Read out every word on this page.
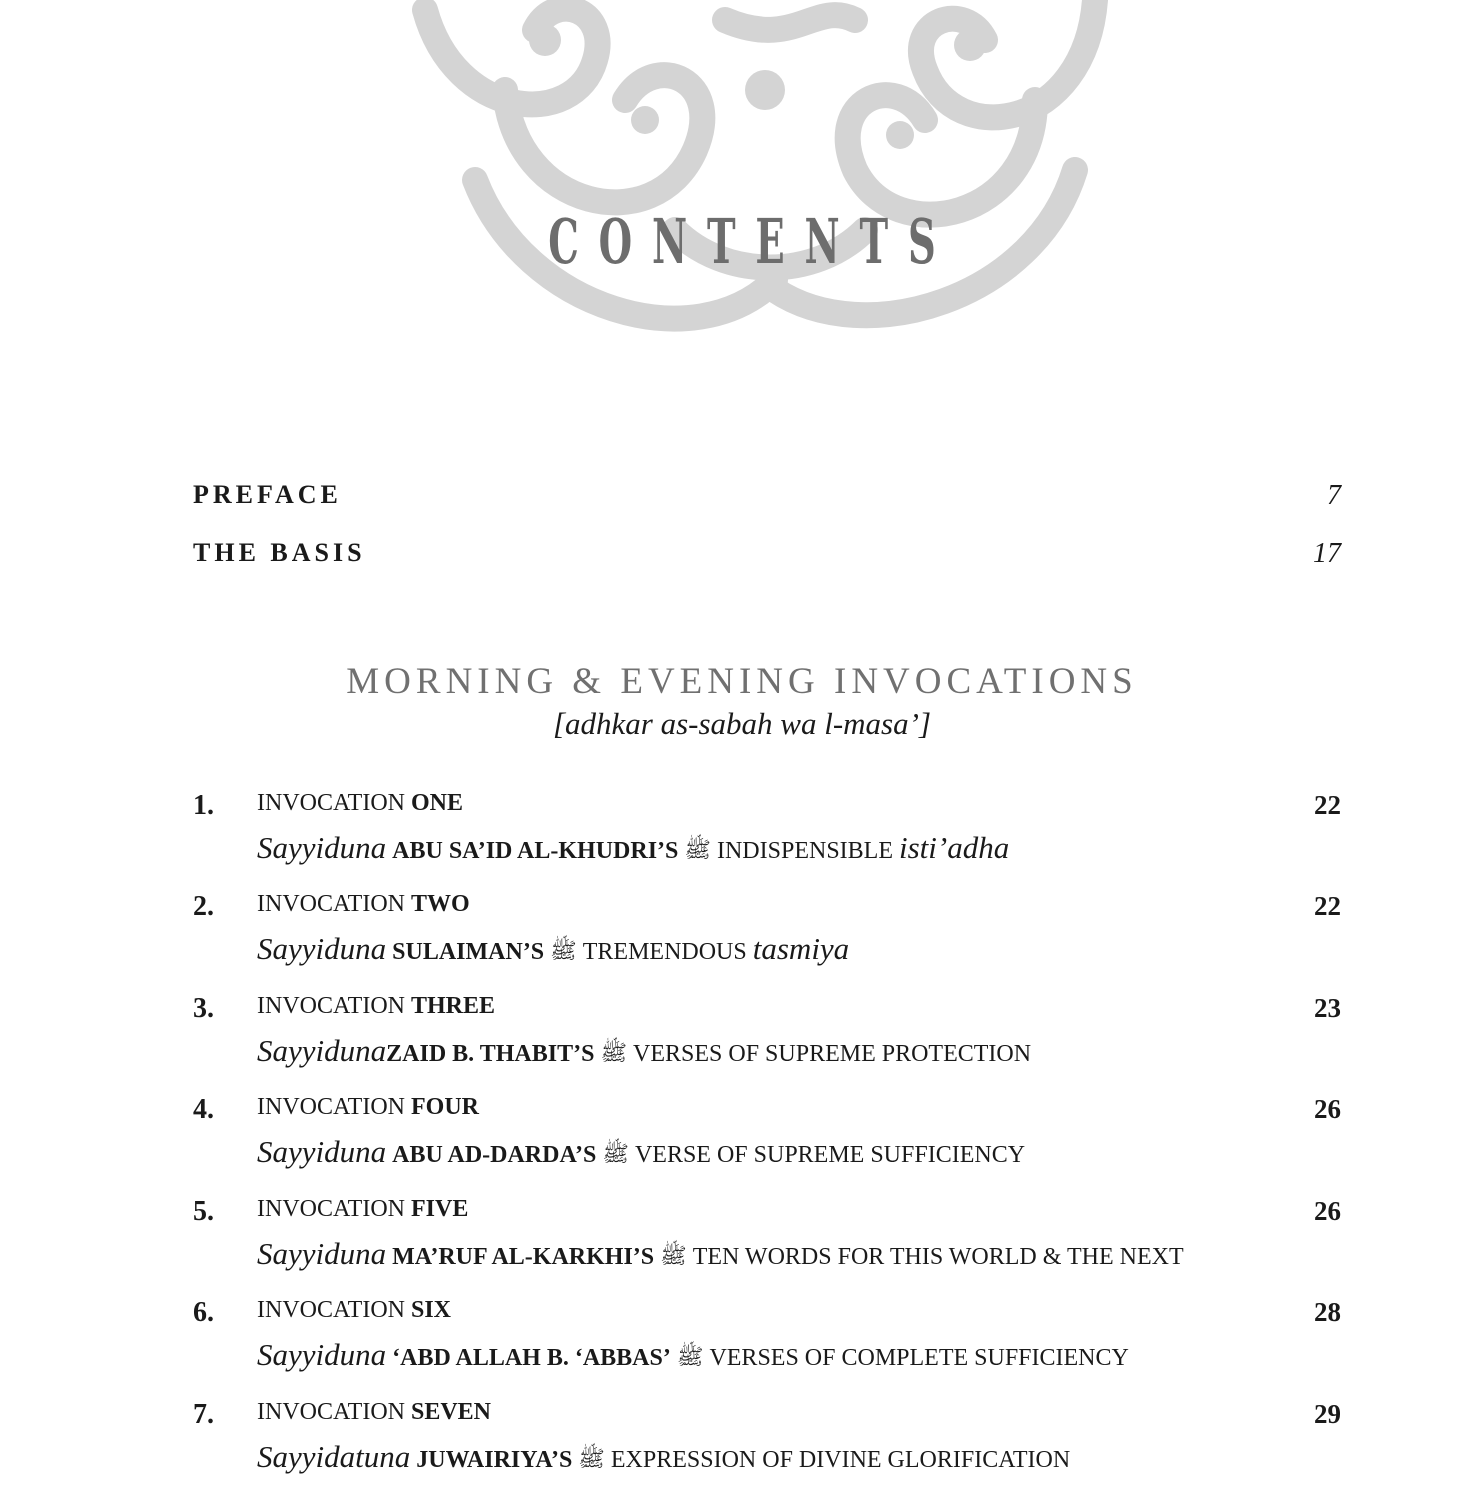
CONTENTS
PREFACE	7
THE BASIS	17
MORNING & EVENING INVOCATIONS
[adhkar as-sabah wa l-masa’]
1. INVOCATION ONE	22
Sayyiduna ABU SA’ID AL-KHUDRI’S ﷺ INDISPENSIBLE isti’adha
2. INVOCATION TWO	22
Sayyiduna SULAIMAN’S ﷺ TREMENDOUS tasmiya
3. INVOCATION THREE	23
SayyidunaZAID B. THABIT’S ﷺ VERSES OF SUPREME PROTECTION
4. INVOCATION FOUR	26
Sayyiduna ABU AD-DARDA’S ﷺ VERSE OF SUPREME SUFFICIENCY
5. INVOCATION FIVE	26
Sayyiduna MA’RUF AL-KARKHI’S ﷺ TEN WORDS FOR THIS WORLD & THE NEXT
6. INVOCATION SIX	28
Sayyiduna ‘ABD ALLAH B. ‘ABBAS’ ﷺ VERSES OF COMPLETE SUFFICIENCY
7. INVOCATION SEVEN	29
Sayyidatuna JUWAIRIYA’S ﷺ EXPRESSION OF DIVINE GLORIFICATION
